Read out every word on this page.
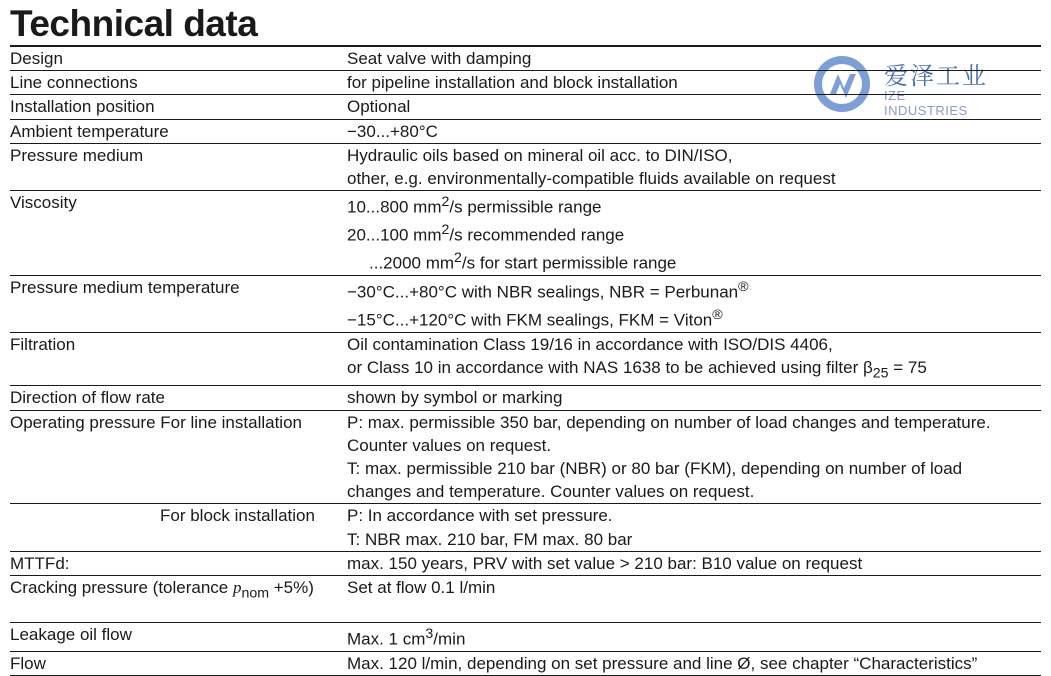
Technical data
爱泽工业
IZE INDUSTRIES
Design	Seat valve with damping
Line connections	for pipeline installation and block installation
Installation position	Optional
Ambient temperature	−30...+80°C
Pressure medium	Hydraulic oils based on mineral oil acc. to DIN/ISO,
other, e.g. environmentally-compatible fluids available on request
Viscosity	10...800 $mm^2/s$ permissible range
20...100 $mm^2/s$ recommended range
...2000 $mm^2/s$ for start permissible range
Pressure medium temperature	−30°C...+80°C with NBR sealings, NBR = Perbunan®
−15°C...+120°C with FKM sealings, FKM = Viton®
Filtration	Oil contamination Class 19/16 in accordance with ISO/DIS 4406,
or Class 10 in accordance with NAS 1638 to be achieved using filter $\beta_{25} = 75$
Direction of flow rate	shown by symbol or marking
Operating pressure For line installation	P: max. permissible 350 bar, depending on number of load changes and temperature.
Counter values on request.
T: max. permissible 210 bar (NBR) or 80 bar (FKM), depending on number of load
changes and temperature. Counter values on request.
For block installation	P: In accordance with set pressure.
T: NBR max. 210 bar, FM max. 80 bar
MTTFd:	max. 150 years, PRV with set value > 210 bar: B10 value on request
Cracking pressure (tolerance $p_{nom} +5\%$)	Set at flow 0.1 l/min
Leakage oil flow	Max. 1 $cm^3/\min$
Flow	Max. 120 l/min, depending on set pressure and line Ø, see chapter “Characteristics”
